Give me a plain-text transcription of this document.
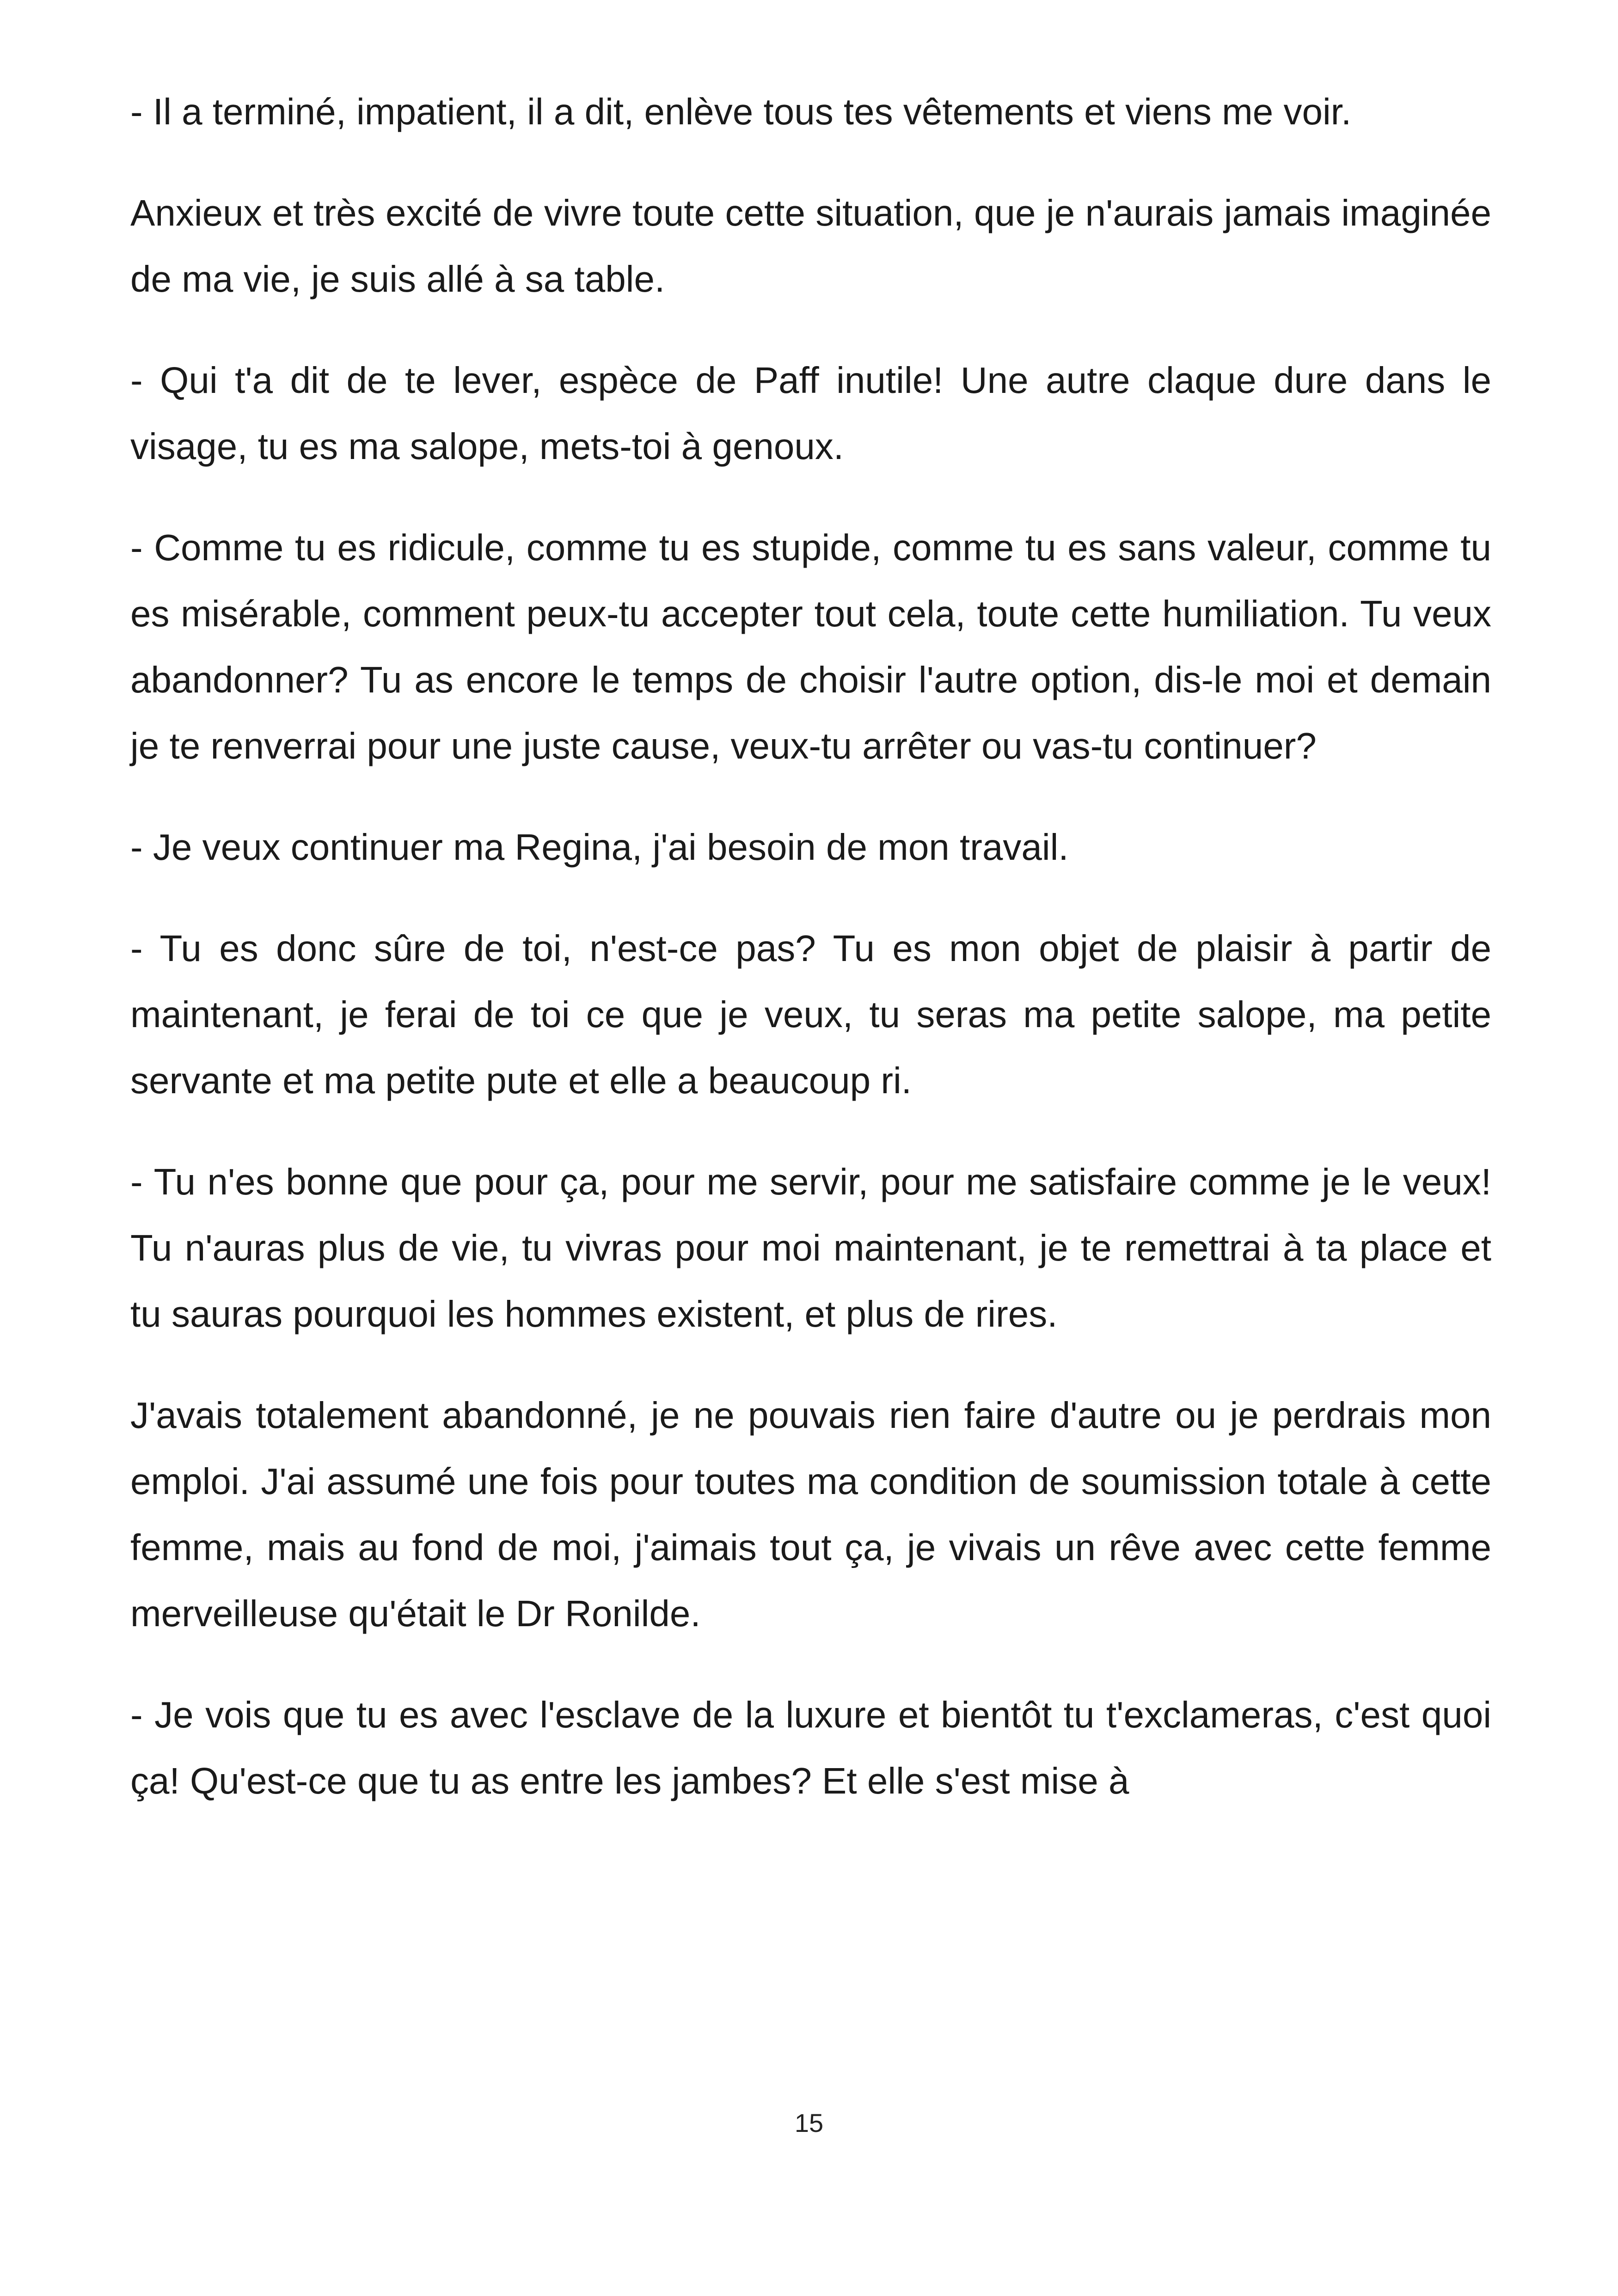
- Il a terminé, impatient, il a dit, enlève tous tes vêtements et viens me voir.

Anxieux et très excité de vivre toute cette situation, que je n'aurais jamais imaginée de ma vie, je suis allé à sa table.

- Qui t'a dit de te lever, espèce de Paff inutile! Une autre claque dure dans le visage, tu es ma salope, mets-toi à genoux.

- Comme tu es ridicule, comme tu es stupide, comme tu es sans valeur, comme tu es misérable, comment peux-tu accepter tout cela, toute cette humiliation. Tu veux abandonner? Tu as encore le temps de choisir l'autre option, dis-le moi et demain je te renverrai pour une juste cause, veux-tu arrêter ou vas-tu continuer?

- Je veux continuer ma Regina, j'ai besoin de mon travail.

- Tu es donc sûre de toi, n'est-ce pas? Tu es mon objet de plaisir à partir de maintenant, je ferai de toi ce que je veux, tu seras ma petite salope, ma petite servante et ma petite pute et elle a beaucoup ri.

- Tu n'es bonne que pour ça, pour me servir, pour me satisfaire comme je le veux! Tu n'auras plus de vie, tu vivras pour moi maintenant, je te remettrai à ta place et tu sauras pourquoi les hommes existent, et plus de rires.

J'avais totalement abandonné, je ne pouvais rien faire d'autre ou je perdrais mon emploi. J'ai assumé une fois pour toutes ma condition de soumission totale à cette femme, mais au fond de moi, j'aimais tout ça, je vivais un rêve avec cette femme merveilleuse qu'était le Dr Ronilde.

- Je vois que tu es avec l'esclave de la luxure et bientôt tu t'exclameras, c'est quoi ça! Qu'est-ce que tu as entre les jambes? Et elle s'est mise à

15
